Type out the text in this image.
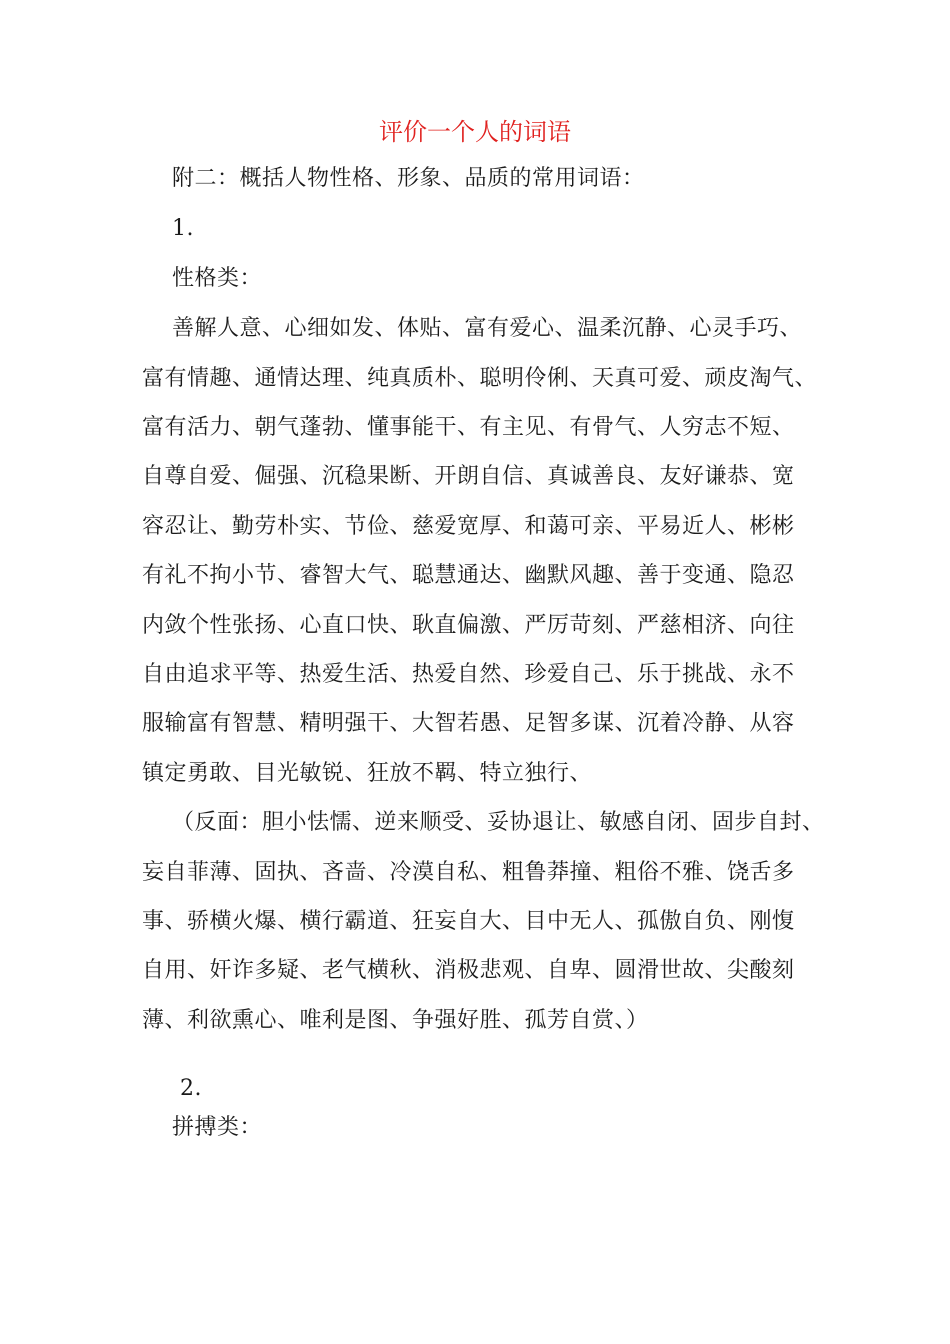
评价一个人的词语
附二：概括人物性格、形象、品质的常用词语：
1.
性格类：
善解人意、心细如发、体贴、富有爱心、温柔沉静、心灵手巧、
富有情趣、通情达理、纯真质朴、聪明伶俐、天真可爱、顽皮淘气、
富有活力、朝气蓬勃、懂事能干、有主见、有骨气、人穷志不短、
自尊自爱、倔强、沉稳果断、开朗自信、真诚善良、友好谦恭、宽
容忍让、勤劳朴实、节俭、慈爱宽厚、和蔼可亲、平易近人、彬彬
有礼不拘小节、睿智大气、聪慧通达、幽默风趣、善于变通、隐忍
内敛个性张扬、心直口快、耿直偏激、严厉苛刻、严慈相济、向往
自由追求平等、热爱生活、热爱自然、珍爱自己、乐于挑战、永不
服输富有智慧、精明强干、大智若愚、足智多谋、沉着冷静、从容
镇定勇敢、目光敏锐、狂放不羁、特立独行、
（反面：胆小怯懦、逆来顺受、妥协退让、敏感自闭、固步自封、
妄自菲薄、固执、吝啬、冷漠自私、粗鲁莽撞、粗俗不雅、饶舌多
事、骄横火爆、横行霸道、狂妄自大、目中无人、孤傲自负、刚愎
自用、奸诈多疑、老气横秋、消极悲观、自卑、圆滑世故、尖酸刻
薄、利欲熏心、唯利是图、争强好胜、孤芳自赏、）
2.
拼搏类：
